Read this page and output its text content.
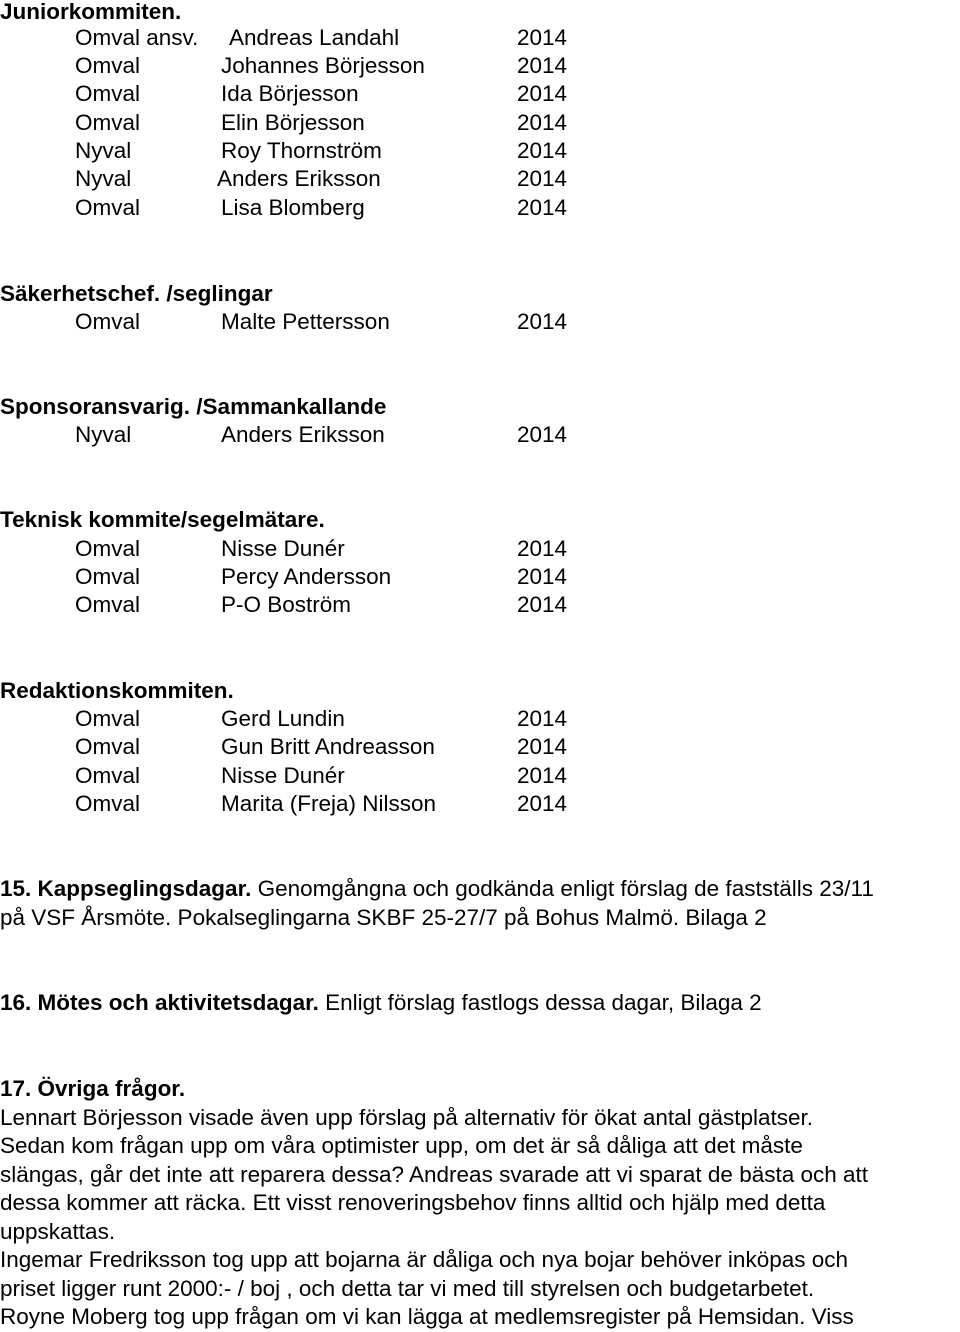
Juniorkommiten.
Omval ansv. Andreas Landahl	2014
Omval	Johannes Börjesson	2014
Omval	Ida Börjesson	2014
Omval	Elin Börjesson	2014
Nyval	Roy Thornström	2014
Nyval	Anders Eriksson	2014
Omval	Lisa Blomberg	2014
Säkerhetschef. /seglingar
Omval	Malte Pettersson	2014
Sponsoransvarig. /Sammankallande
Nyval	Anders Eriksson	2014
Teknisk kommite/segelmätare.
Omval	Nisse Dunér	2014
Omval	Percy Andersson	2014
Omval	P-O Boström	2014
Redaktionskommiten.
Omval	Gerd Lundin	2014
Omval	Gun Britt Andreasson	2014
Omval	Nisse Dunér	2014
Omval	Marita (Freja) Nilsson	2014
15. Kappseglingsdagar. Genomgångna och godkända enligt förslag de fastställs 23/11
på VSF Årsmöte. Pokalseglingarna SKBF 25-27/7 på Bohus Malmö. Bilaga 2
16. Mötes och aktivitetsdagar. Enligt förslag fastlogs dessa dagar, Bilaga 2
17. Övriga frågor.
Lennart Börjesson visade även upp förslag på alternativ för ökat antal gästplatser.
Sedan kom frågan upp om våra optimister upp, om det är så dåliga att det måste
slängas, går det inte att reparera dessa? Andreas svarade att vi sparat de bästa och att
dessa kommer att räcka. Ett visst renoveringsbehov finns alltid och hjälp med detta
uppskattas.
Ingemar Fredriksson tog upp att bojarna är dåliga och nya bojar behöver inköpas och
priset ligger runt 2000:- / boj , och detta tar vi med till styrelsen och budgetarbetet.
Royne Moberg tog upp frågan om vi kan lägga at medlemsregister på Hemsidan. Viss
